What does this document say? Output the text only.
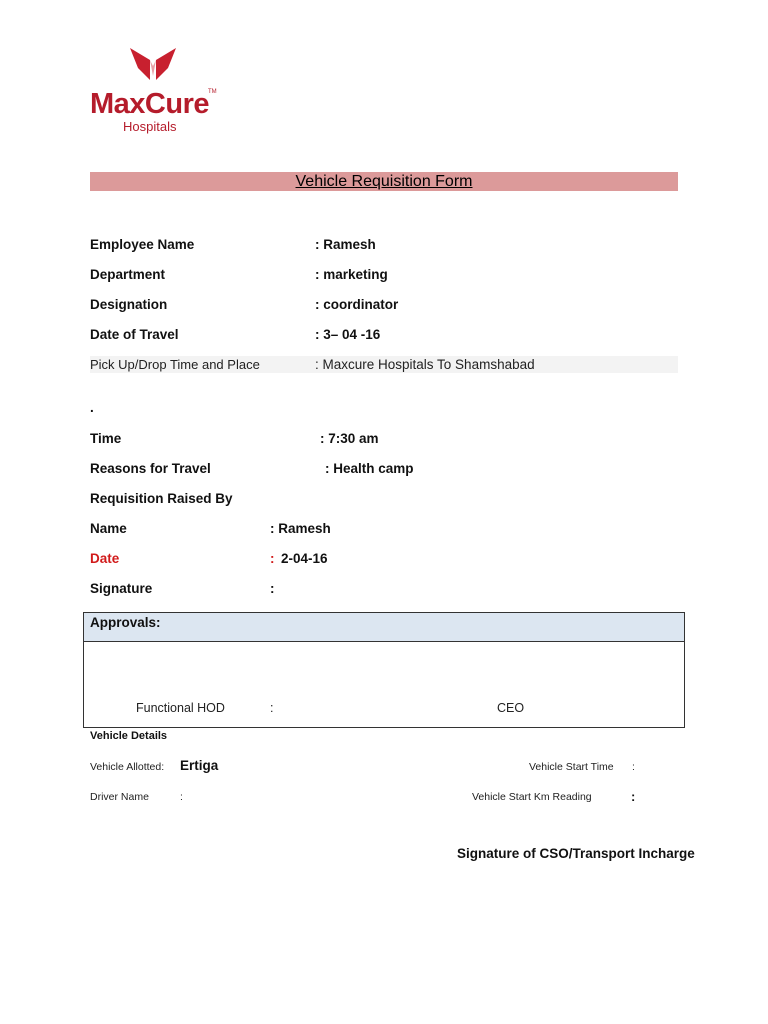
MaxCure TM
Hospitals
Vehicle Requisition Form
Employee Name	: Ramesh
Department	: marketing
Designation	: coordinator
Date of Travel	: 3– 04 -16
Pick Up/Drop Time and Place	: Maxcure Hospitals To Shamshabad
.
Time	: 7:30 am
Reasons for Travel	: Health camp
Requisition Raised By
Name	: Ramesh
Date	: 2-04-16
Signature	:
Approvals:
Functional HOD	:	CEO
Vehicle Details
Vehicle Allotted: Ertiga	Vehicle Start Time :
Driver Name	:	Vehicle Start Km Reading	:
Signature of CSO/Transport Incharge
